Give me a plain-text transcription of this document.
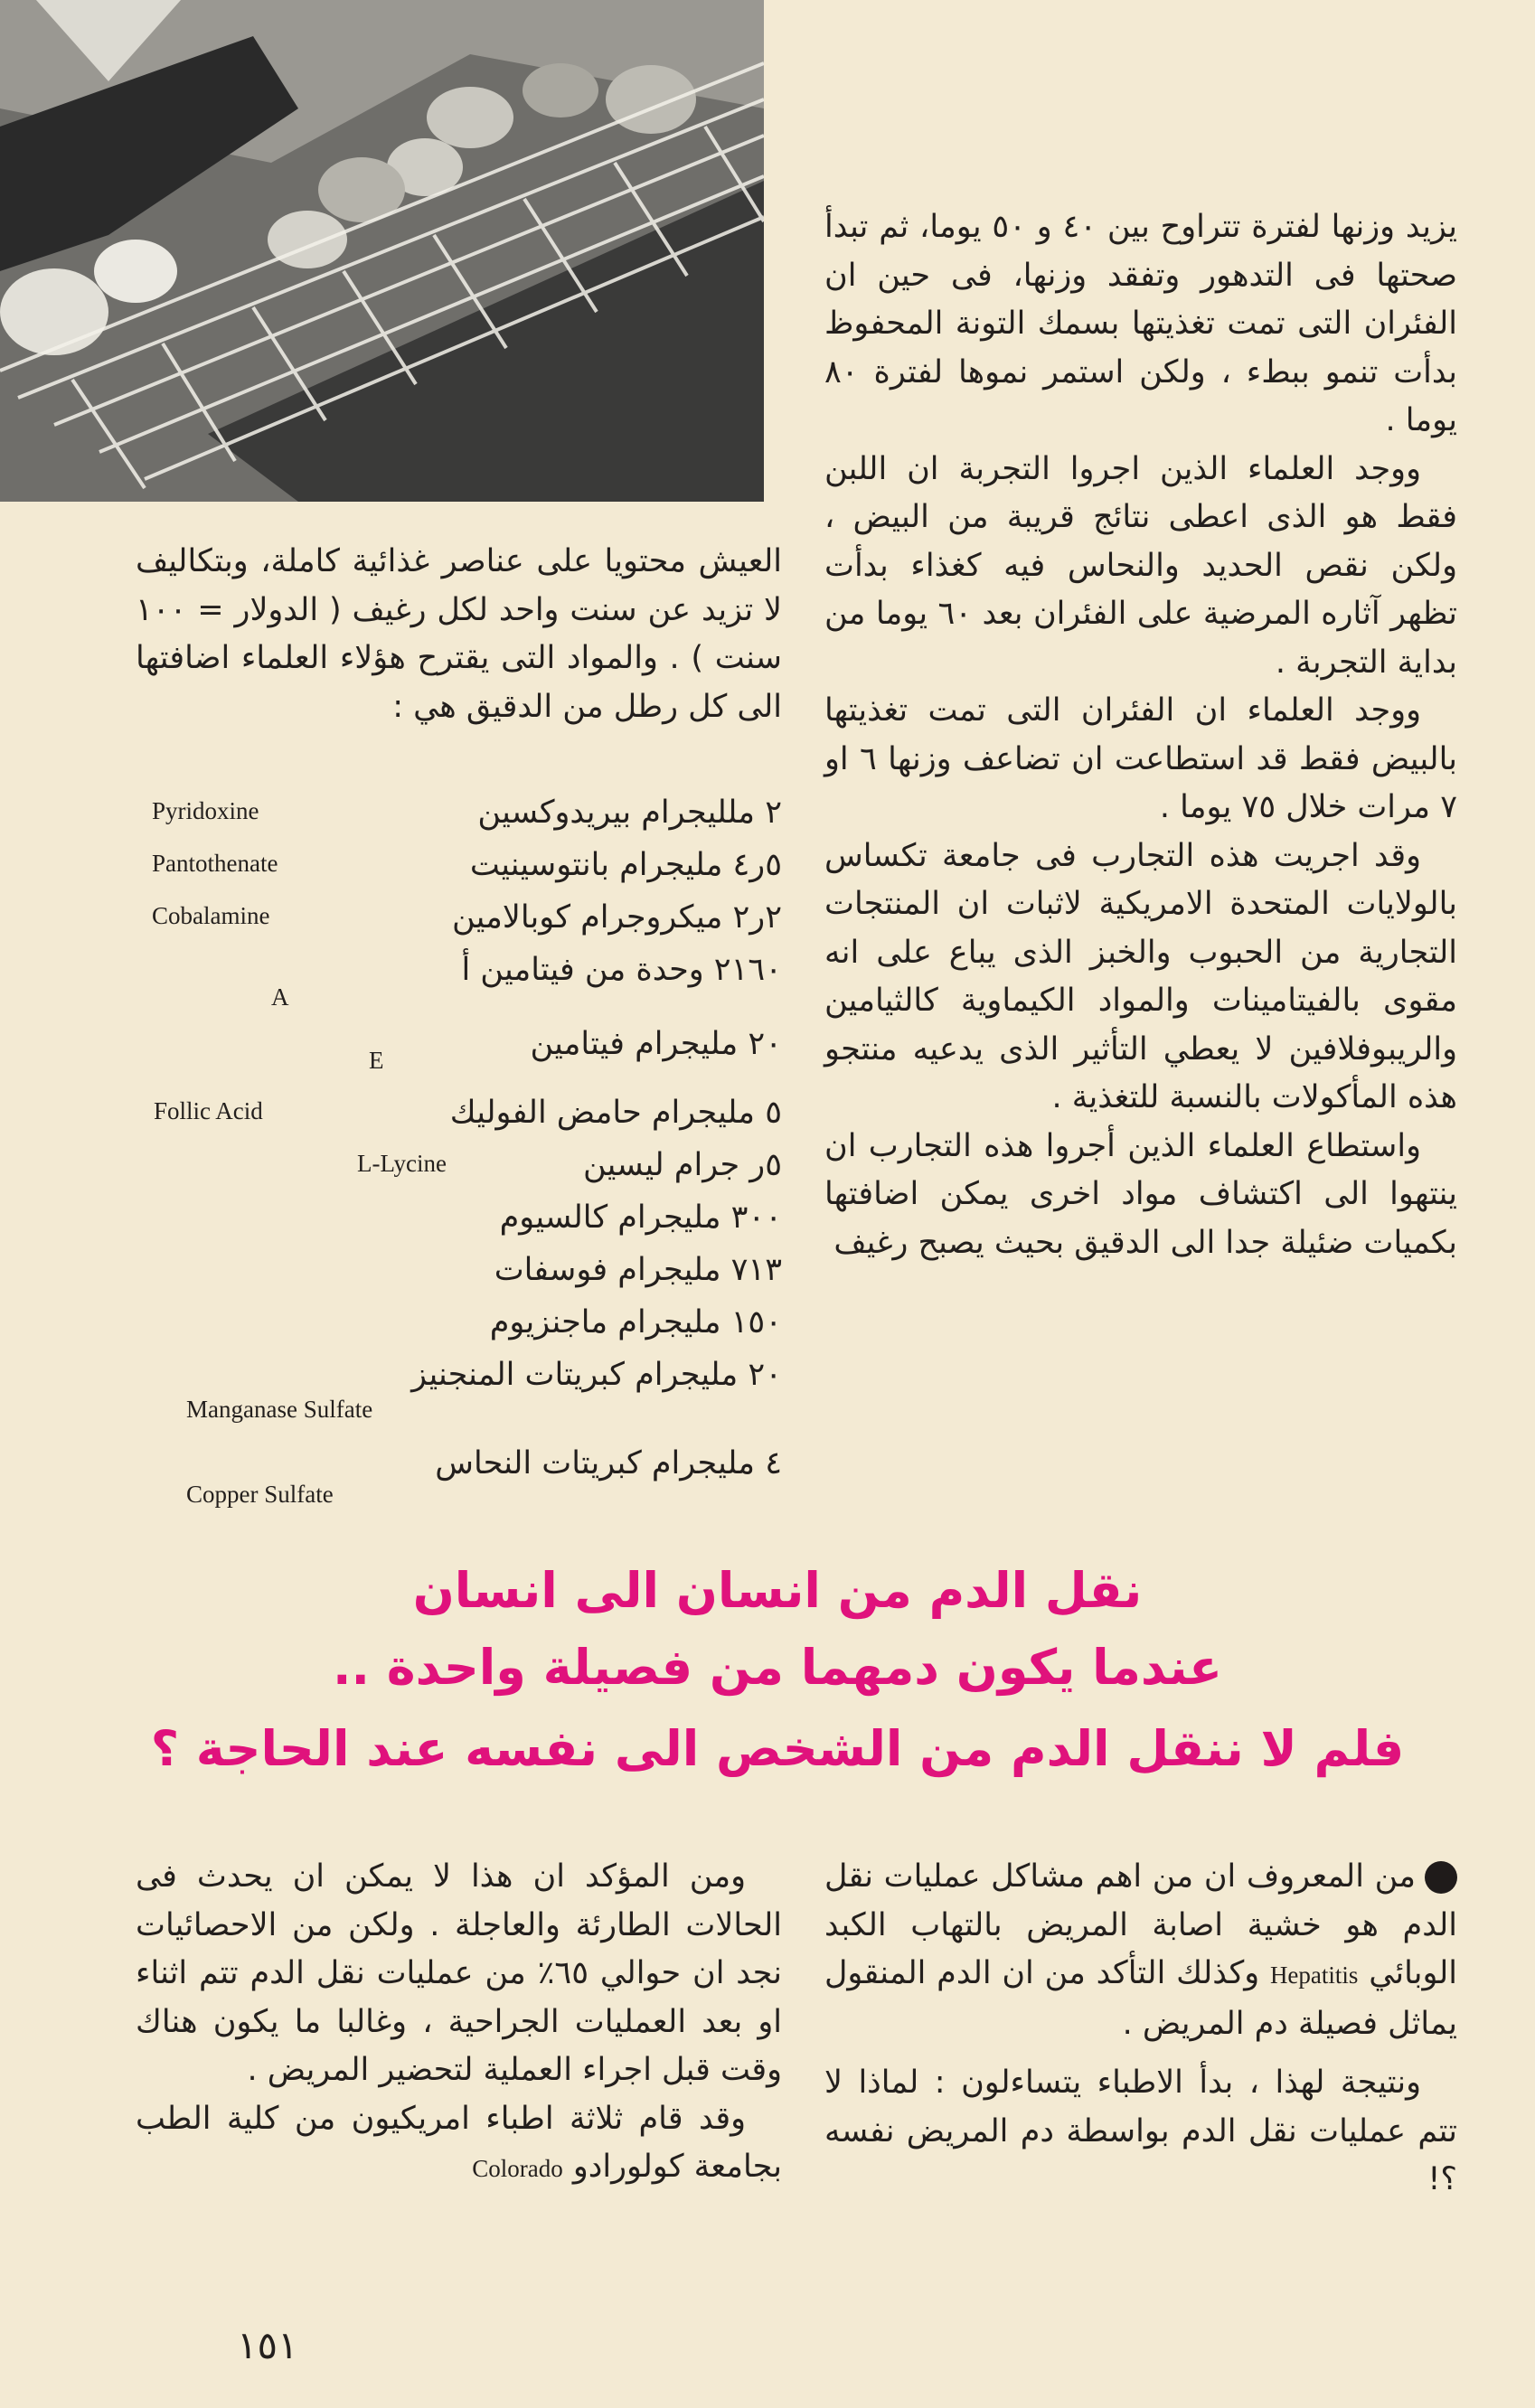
يزيد وزنها لفترة تتراوح بين ٤٠ و ٥٠ يوما، ثم تبدأ صحتها فى التدهور وتفقد وزنها، فى حين ان الفئران التى تمت تغذيتها بسمك التونة المحفوظ بدأت تنمو ببطء ، ولكن استمر نموها لفترة ٨٠ يوما .

ووجد العلماء الذين اجروا التجربة ان اللبن فقط هو الذى اعطى نتائج قريبة من البيض ، ولكن نقص الحديد والنحاس فيه كغذاء بدأت تظهر آثاره المرضية على الفئران بعد ٦٠ يوما من بداية التجربة .

ووجد العلماء ان الفئران التى تمت تغذيتها بالبيض فقط قد استطاعت ان تضاعف وزنها ٦ او ٧ مرات خلال ٧٥ يوما .

وقد اجريت هذه التجارب فى جامعة تكساس بالولايات المتحدة الامريكية لاثبات ان المنتجات التجارية من الحبوب والخبز الذى يباع على انه مقوى بالفيتامينات والمواد الكيماوية كالثيامين والريبوفلافين لا يعطي التأثير الذى يدعيه منتجو هذه المأكولات بالنسبة للتغذية .

واستطاع العلماء الذين أجروا هذه التجارب ان ينتهوا الى اكتشاف مواد اخرى يمكن اضافتها بكميات ضئيلة جدا الى الدقيق بحيث يصبح رغيف

العيش محتويا على عناصر غذائية كاملة، وبتكاليف لا تزيد عن سنت واحد لكل رغيف ( الدولار = ١٠٠ سنت ) . والمواد التى يقترح هؤلاء العلماء اضافتها الى كل رطل من الدقيق هي :

٢ ملليجرام بيريدوكسين
Pyridoxine
٥ر٤ مليجرام بانتوسينيت
Pantothenate
٢ر٢ ميكروجرام كوبالامين
Cobalamine
٢١٦٠ وحدة من فيتامين أ
A
٢٠ مليجرام فيتامين
E
٥ مليجرام حامض الفوليك
Follic Acid
٥ر جرام ليسين
L-Lycine
٣٠٠ مليجرام كالسيوم
٧١٣ مليجرام فوسفات
١٥٠ مليجرام ماجنزيوم
٢٠ مليجرام كبريتات المنجنيز
Manganase Sulfate
٤ مليجرام كبريتات النحاس
Copper Sulfate
نقل الدم من انسان الى انسان
عندما يكون دمهما من فصيلة واحدة ..
فلم لا ننقل الدم من الشخص الى نفسه عند الحاجة ؟

من المعروف ان من اهم مشاكل عمليات نقل الدم هو خشية اصابة المريض بالتهاب الكبد الوبائي Hepatitis وكذلك التأكد من ان الدم المنقول يماثل فصيلة دم المريض .

ونتيجة لهذا ، بدأ الاطباء يتساءلون : لماذا لا تتم عمليات نقل الدم بواسطة دم المريض نفسه ؟!

ومن المؤكد ان هذا لا يمكن ان يحدث فى الحالات الطارئة والعاجلة . ولكن من الاحصائيات نجد ان حوالي ٦٥٪ من عمليات نقل الدم تتم اثناء او بعد العمليات الجراحية ، وغالبا ما يكون هناك وقت قبل اجراء العملية لتحضير المريض .

وقد قام ثلاثة اطباء امريكيون من كلية الطب بجامعة كولورادو Colorado

١٥١
